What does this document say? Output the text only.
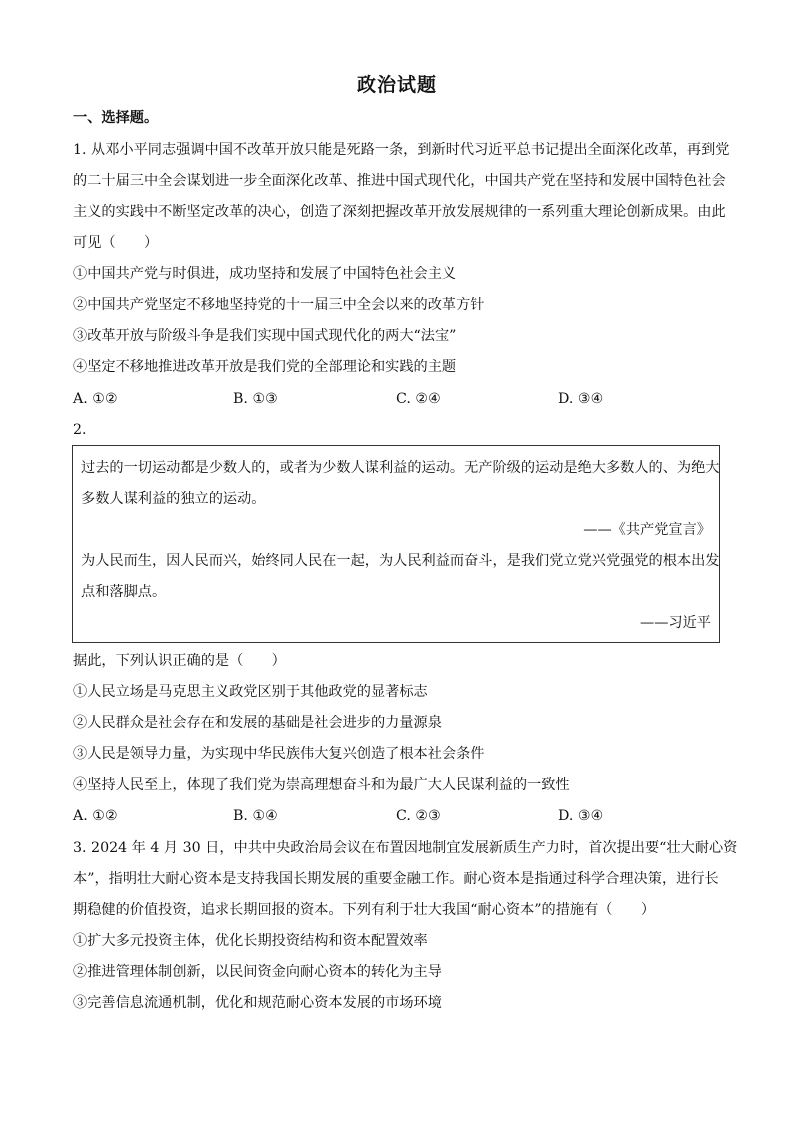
政治试题
一、选择题。
1. 从邓小平同志强调中国不改革开放只能是死路一条，到新时代习近平总书记提出全面深化改革，再到党
的二十届三中全会谋划进一步全面深化改革、推进中国式现代化，中国共产党在坚持和发展中国特色社会
主义的实践中不断坚定改革的决心，创造了深刻把握改革开放发展规律的一系列重大理论创新成果。由此
可见（　　）
①中国共产党与时俱进，成功坚持和发展了中国特色社会主义
②中国共产党坚定不移地坚持党的十一届三中全会以来的改革方针
③改革开放与阶级斗争是我们实现中国式现代化的两大“法宝”
④坚定不移地推进改革开放是我们党的全部理论和实践的主题
A. ①②	B. ①③	C. ②④	D. ③④
2.
过去的一切运动都是少数人的，或者为少数人谋利益的运动。无产阶级的运动是绝大多数人的、为绝大
多数人谋利益的独立的运动。
——《共产党宣言》
为人民而生，因人民而兴，始终同人民在一起，为人民利益而奋斗，是我们党立党兴党强党的根本出发
点和落脚点。
——习近平
据此，下列认识正确的是（　　）
①人民立场是马克思主义政党区别于其他政党的显著标志
②人民群众是社会存在和发展的基础是社会进步的力量源泉
③人民是领导力量，为实现中华民族伟大复兴创造了根本社会条件
④坚持人民至上，体现了我们党为崇高理想奋斗和为最广大人民谋利益的一致性
A. ①②	B. ①④	C. ②③	D. ③④
3. 2024 年 4 月 30 日，中共中央政治局会议在布置因地制宜发展新质生产力时，首次提出要“壮大耐心资
本”，指明壮大耐心资本是支持我国长期发展的重要金融工作。耐心资本是指通过科学合理决策，进行长
期稳健的价值投资，追求长期回报的资本。下列有利于壮大我国“耐心资本”的措施有（　　）
①扩大多元投资主体，优化长期投资结构和资本配置效率
②推进管理体制创新，以民间资金向耐心资本的转化为主导
③完善信息流通机制，优化和规范耐心资本发展的市场环境
